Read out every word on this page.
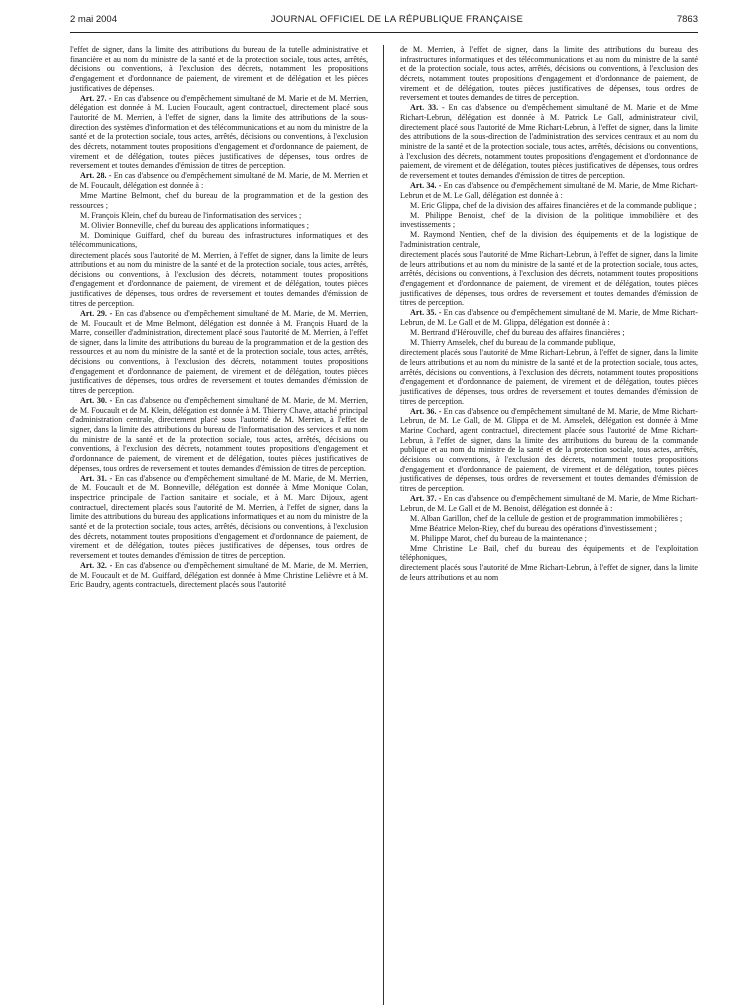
2 mai 2004	JOURNAL OFFICIEL DE LA RÉPUBLIQUE FRANÇAISE	7863

l'effet de signer, dans la limite des attributions du bureau de la tutelle administrative et financière et au nom du ministre de la santé et de la protection sociale, tous actes, arrêtés, décisions ou conventions, à l'exclusion des décrets, notamment les propositions d'engagement et d'ordonnance de paiement, de virement et de délégation et les pièces justificatives de dépenses.

Art. 27. - En cas d'absence ou d'empêchement simultané de M. Marie et de M. Merrien, délégation est donnée à M. Lucien Foucault, agent contractuel, directement placé sous l'autorité de M. Merrien, à l'effet de signer, dans la limite des attributions de la sous-direction des systèmes d'information et des télécommunications et au nom du ministre de la santé et de la protection sociale, tous actes, arrêtés, décisions ou conventions, à l'exclusion des décrets, notamment toutes propositions d'engagement et d'ordonnance de paiement, de virement et de délégation, toutes pièces justificatives de dépenses, tous ordres de reversement et toutes demandes d'émission de titres de perception.

Art. 28. - En cas d'absence ou d'empêchement simultané de M. Marie, de M. Merrien et de M. Foucault, délégation est donnée à :

Mme Martine Belmont, chef du bureau de la programmation et de la gestion des ressources ;

M. François Klein, chef du bureau de l'informatisation des services ;

M. Olivier Bonneville, chef du bureau des applications informatiques ;

M. Dominique Guiffard, chef du bureau des infrastructures informatiques et des télécommunications,

directement placés sous l'autorité de M. Merrien, à l'effet de signer, dans la limite de leurs attributions et au nom du ministre de la santé et de la protection sociale, tous actes, arrêtés, décisions ou conventions, à l'exclusion des décrets, notamment toutes propositions d'engagement et d'ordonnance de paiement, de virement et de délégation, toutes pièces justificatives de dépenses, tous ordres de reversement et toutes demandes d'émission de titres de perception.

Art. 29. - En cas d'absence ou d'empêchement simultané de M. Marie, de M. Merrien, de M. Foucault et de Mme Belmont, délégation est donnée à M. François Huard de la Marre, conseiller d'administration, directement placé sous l'autorité de M. Merrien, à l'effet de signer, dans la limite des attributions du bureau de la programmation et de la gestion des ressources et au nom du ministre de la santé et de la protection sociale, tous actes, arrêtés, décisions ou conventions, à l'exclusion des décrets, notamment toutes propositions d'engagement et d'ordonnance de paiement, de virement et de délégation, toutes pièces justificatives de dépenses, tous ordres de reversement et toutes demandes d'émission de titres de perception.

Art. 30. - En cas d'absence ou d'empêchement simultané de M. Marie, de M. Merrien, de M. Foucault et de M. Klein, délégation est donnée à M. Thierry Chave, attaché principal d'administration centrale, directement placé sous l'autorité de M. Merrien, à l'effet de signer, dans la limite des attributions du bureau de l'informatisation des services et au nom du ministre de la santé et de la protection sociale, tous actes, arrêtés, décisions ou conventions, à l'exclusion des décrets, notamment toutes propositions d'engagement et d'ordonnance de paiement, de virement et de délégation, toutes pièces justificatives de dépenses, tous ordres de reversement et toutes demandes d'émission de titres de perception.

Art. 31. - En cas d'absence ou d'empêchement simultané de M. Marie, de M. Merrien, de M. Foucault et de M. Bonneville, délégation est donnée à Mme Monique Colan, inspectrice principale de l'action sanitaire et sociale, et à M. Marc Dijoux, agent contractuel, directement placés sous l'autorité de M. Merrien, à l'effet de signer, dans la limite des attributions du bureau des applications informatiques et au nom du ministre de la santé et de la protection sociale, tous actes, arrêtés, décisions ou conventions, à l'exclusion des décrets, notamment toutes propositions d'engagement et d'ordonnance de paiement, de virement et de délégation, toutes pièces justificatives de dépenses, tous ordres de reversement et toutes demandes d'émission de titres de perception.

Art. 32. - En cas d'absence ou d'empêchement simultané de M. Marie, de M. Merrien, de M. Foucault et de M. Guiffard, délégation est donnée à Mme Christine Lelièvre et à M. Eric Baudry, agents contractuels, directement placés sous l'autorité

de M. Merrien, à l'effet de signer, dans la limite des attributions du bureau des infrastructures informatiques et des télécommunications et au nom du ministre de la santé et de la protection sociale, tous actes, arrêtés, décisions ou conventions, à l'exclusion des décrets, notamment toutes propositions d'engagement et d'ordonnance de paiement, de virement et de délégation, toutes pièces justificatives de dépenses, tous ordres de reversement et toutes demandes de titres de perception.

Art. 33. - En cas d'absence ou d'empêchement simultané de M. Marie et de Mme Richart-Lebrun, délégation est donnée à M. Patrick Le Gall, administrateur civil, directement placé sous l'autorité de Mme Richart-Lebrun, à l'effet de signer, dans la limite des attributions de la sous-direction de l'administration des services centraux et au nom du ministre de la santé et de la protection sociale, tous actes, arrêtés, décisions ou conventions, à l'exclusion des décrets, notamment toutes propositions d'engagement et d'ordonnance de paiement, de virement et de délégation, toutes pièces justificatives de dépenses, tous ordres de reversement et toutes demandes d'émission de titres de perception.

Art. 34. - En cas d'absence ou d'empêchement simultané de M. Marie, de Mme Richart-Lebrun et de M. Le Gall, délégation est donnée à :

M. Eric Glippa, chef de la division des affaires financières et de la commande publique ;

M. Philippe Benoist, chef de la division de la politique immobilière et des investissements ;

M. Raymond Nentien, chef de la division des équipements et de la logistique de l'administration centrale,

directement placés sous l'autorité de Mme Richart-Lebrun, à l'effet de signer, dans la limite de leurs attributions et au nom du ministre de la santé et de la protection sociale, tous actes, arrêtés, décisions ou conventions, à l'exclusion des décrets, notamment toutes propositions d'engagement et d'ordonnance de paiement, de virement et de délégation, toutes pièces justificatives de dépenses, tous ordres de reversement et toutes demandes d'émission de titres de perception.

Art. 35. - En cas d'absence ou d'empêchement simultané de M. Marie, de Mme Richart-Lebrun, de M. Le Gall et de M. Glippa, délégation est donnée à :

M. Bertrand d'Hérouville, chef du bureau des affaires financières ;

M. Thierry Amselek, chef du bureau de la commande publique,

directement placés sous l'autorité de Mme Richart-Lebrun, à l'effet de signer, dans la limite de leurs attributions et au nom du ministre de la santé et de la protection sociale, tous actes, arrêtés, décisions ou conventions, à l'exclusion des décrets, notamment toutes propositions d'engagement et d'ordonnance de paiement, de virement et de délégation, toutes pièces justificatives de dépenses, tous ordres de reversement et toutes demandes d'émission de titres de perception.

Art. 36. - En cas d'absence ou d'empêchement simultané de M. Marie, de Mme Richart-Lebrun, de M. Le Gall, de M. Glippa et de M. Amselek, délégation est donnée à Mme Marine Cochard, agent contractuel, directement placée sous l'autorité de Mme Richart-Lebrun, à l'effet de signer, dans la limite des attributions du bureau de la commande publique et au nom du ministre de la santé et de la protection sociale, tous actes, arrêtés, décisions ou conventions, à l'exclusion des décrets, notamment toutes propositions d'engagement et d'ordonnance de paiement, de virement et de délégation, toutes pièces justificatives de dépenses, tous ordres de reversement et toutes demandes d'émission de titres de perception.

Art. 37. - En cas d'absence ou d'empêchement simultané de M. Marie, de Mme Richart-Lebrun, de M. Le Gall et de M. Benoist, délégation est donnée à :

M. Alban Garillon, chef de la cellule de gestion et de programmation immobilières ;

Mme Béatrice Melon-Riey, chef du bureau des opérations d'investissement ;

M. Philippe Marot, chef du bureau de la maintenance ;

Mme Christine Le Bail, chef du bureau des équipements et de l'exploitation téléphoniques,

directement placés sous l'autorité de Mme Richart-Lebrun, à l'effet de signer, dans la limite de leurs attributions et au nom
